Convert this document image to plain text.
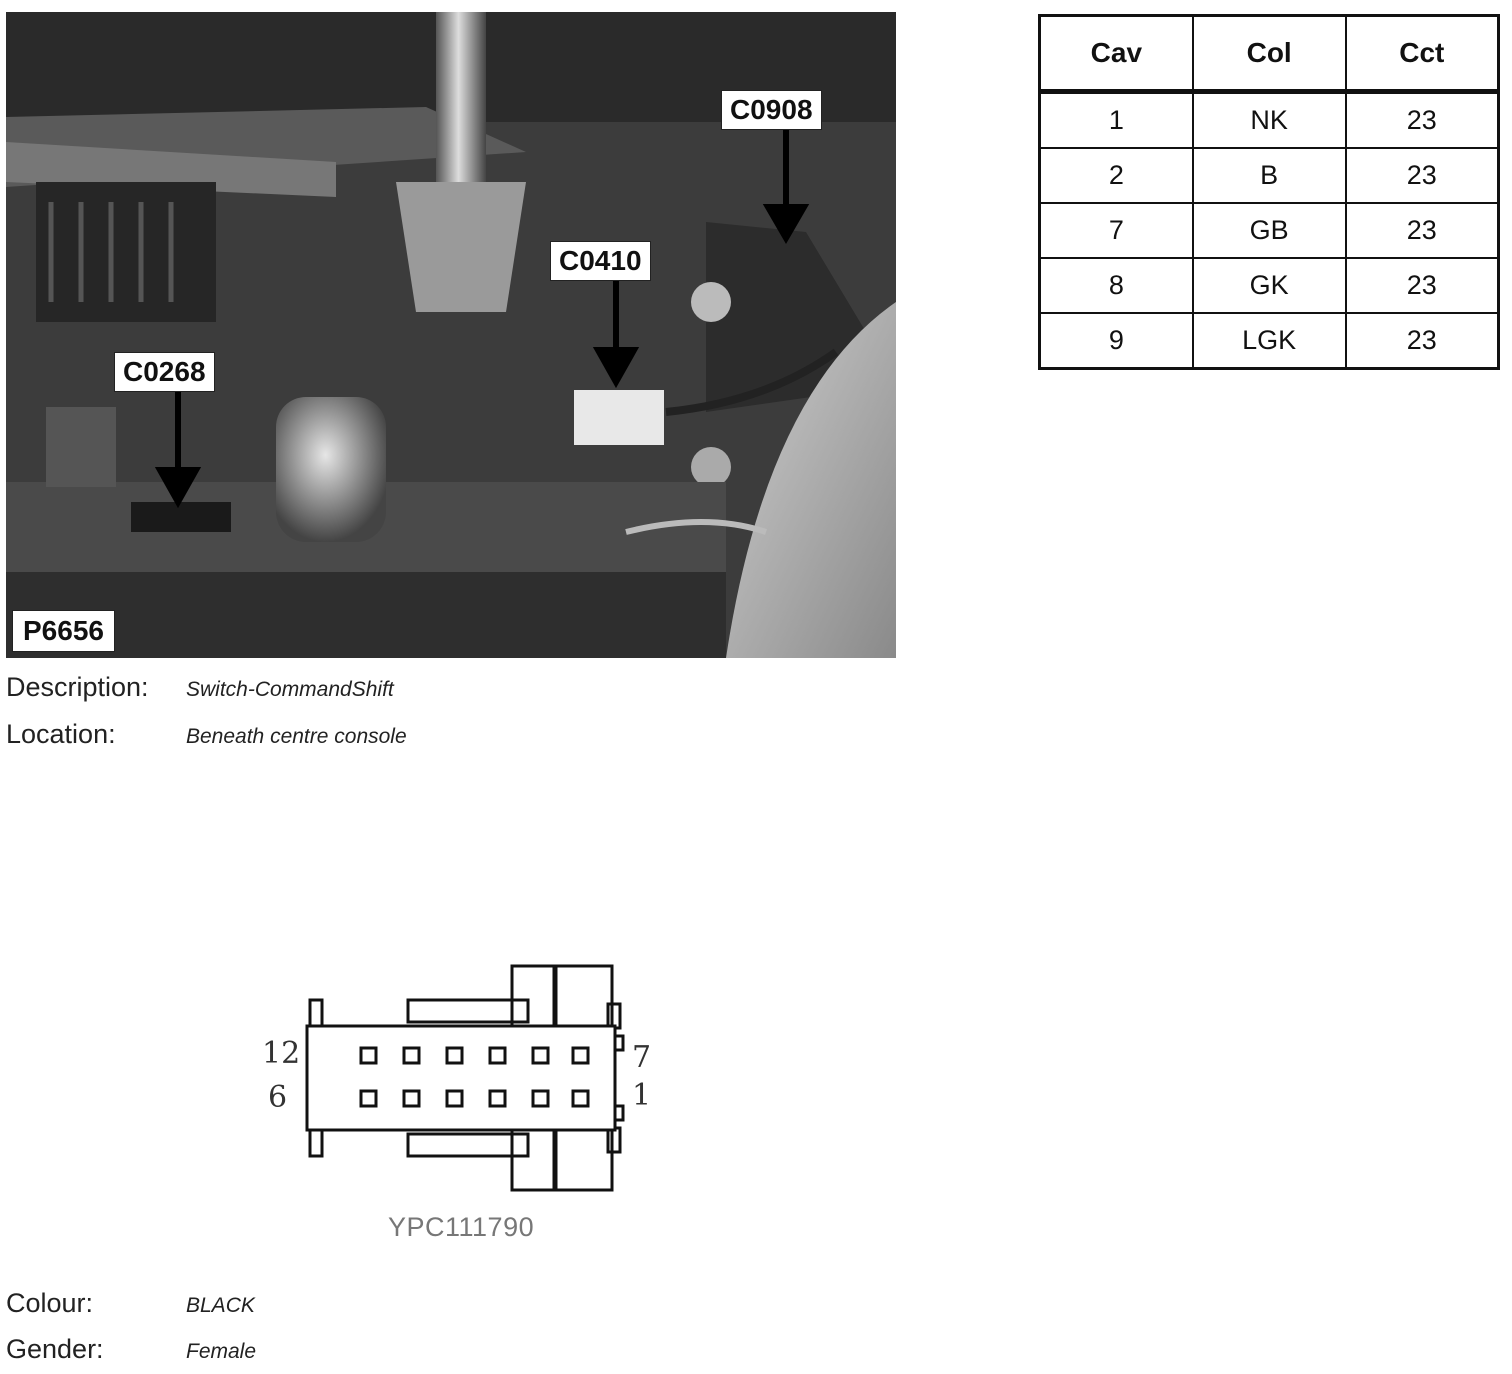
C0908
C0410
C0268
P6656
Description:	Switch-CommandShift
Location:	Beneath centre console
Cav	Col	Cct
1	NK	23
2	B	23
7	GB	23
8	GK	23
9	LGK	23
12
6
7
1
YPC111790
Colour:	BLACK
Gender:	Female
